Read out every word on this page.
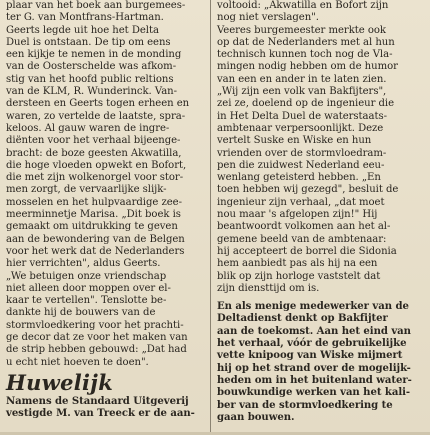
plaar van het boek aan burgemees-
ter G. van Montfrans-Hartman.
Geerts legde uit hoe het Delta
Duel is ontstaan. De tip om eens
een kijkje te nemen in de monding
van de Oosterschelde was afkom-
stig van het hoofd public reltions
van de KLM, R. Wunderinck. Van-
dersteen en Geerts togen erheen en
waren, zo vertelde de laatste, spra-
keloos. Al gauw waren de ingre-
diënten voor het verhaal bijeenge-
bracht: de boze geesten Akwatilla,
die hoge vloeden opwekt en Bofort,
die met zijn wolkenorgel voor stor-
men zorgt, de vervaarlijke slijk-
mosselen en het hulpvaardige zee-
meerminnetje Marisa. „Dit boek is
gemaakt om uitdrukking te geven
aan de bewondering van de Belgen
voor het werk dat de Nederlanders
hier verrichten", aldus Geerts.
„We betuigen onze vriendschap
niet alleen door moppen over el-
kaar te vertellen". Tenslotte be-
dankte hij de bouwers van de
stormvloedkering voor het prachti-
ge decor dat ze voor het maken van
de strip hebben gebouwd: „Dat had
u echt niet hoeven te doen".
Huwelijk
Namens de Standaard Uitgeverij
vestigde M. van Treeck er de aan-
voltooid: „Akwatilla en Bofort zijn
nog niet verslagen".
Veeres burgemeester merkte ook
op dat de Nederlanders met al hun
technisch kunnen toch nog de Vla-
mingen nodig hebben om de humor
van een en ander in te laten zien.
„Wij zijn een volk van Bakfijters",
zei ze, doelend op de ingenieur die
in Het Delta Duel de waterstaats-
ambtenaar verpersoonlijkt. Deze
vertelt Suske en Wiske en hun
vrienden over de stormvloedram-
pen die zuidwest Nederland eeu-
wenlang geteisterd hebben. „En
toen hebben wij gezegd", besluit de
ingenieur zijn verhaal, „dat moet
nou maar 's afgelopen zijn!" Hij
beantwoordt volkomen aan het al-
gemene beeld van de ambtenaar:
hij accepteert de borrel die Sidonia
hem aanbiedt pas als hij na een
blik op zijn horloge vaststelt dat
zijn diensttijd om is.
En als menige medewerker van de
Deltadienst denkt op Bakfijter
aan de toekomst. Aan het eind van
het verhaal, vóór de gebruikelijke
vette knipoog van Wiske mijmert
hij op het strand over de mogelijk-
heden om in het buitenland water-
bouwkundige werken van het kali-
ber van de stormvloedkering te
gaan bouwen.
